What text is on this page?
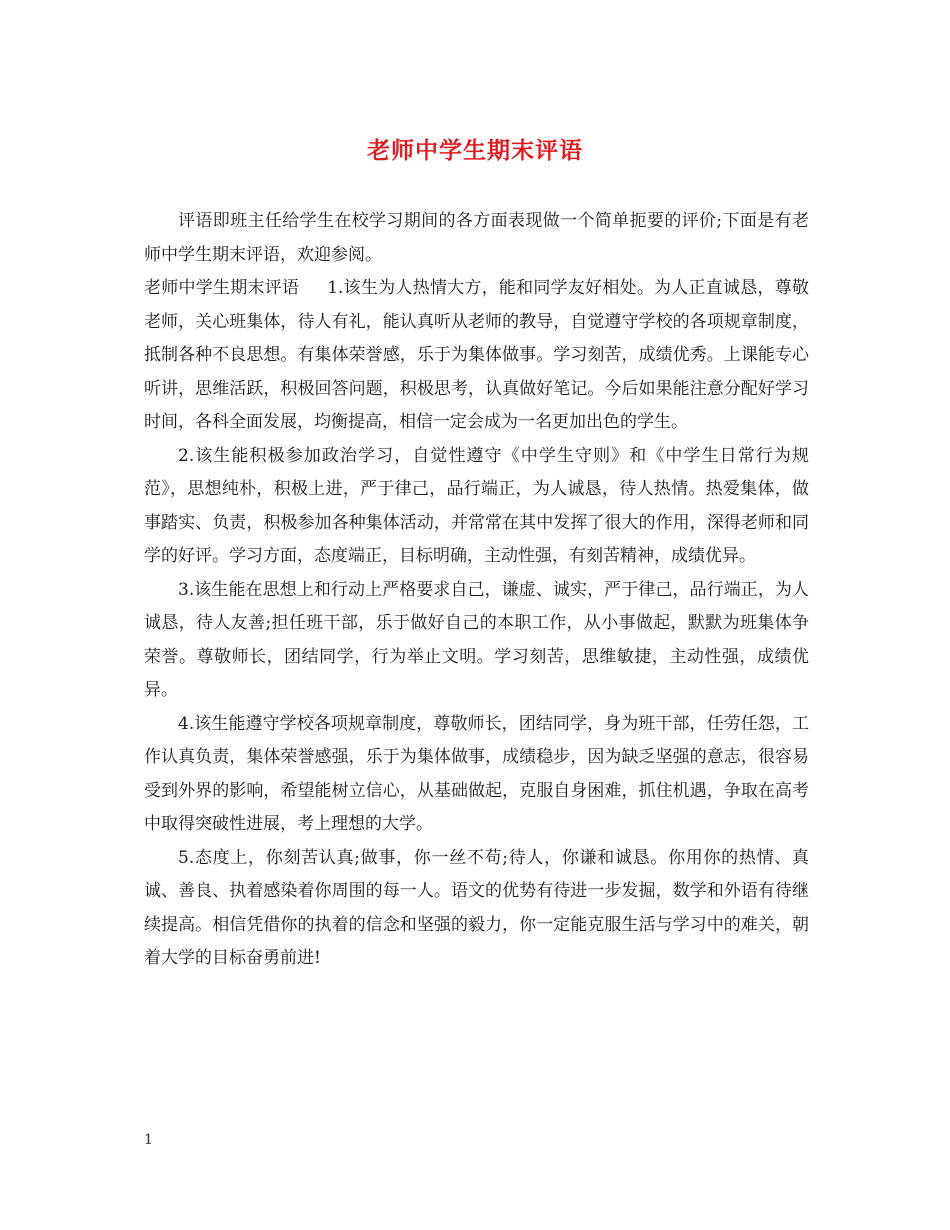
老师中学生期末评语

评语即班主任给学生在校学习期间的各方面表现做一个简单扼要的评价;下面是有老师中学生期末评语，欢迎参阅。

老师中学生期末评语 1.该生为人热情大方，能和同学友好相处。为人正直诚恳，尊敬老师，关心班集体，待人有礼，能认真听从老师的教导，自觉遵守学校的各项规章制度，抵制各种不良思想。有集体荣誉感，乐于为集体做事。学习刻苦，成绩优秀。上课能专心听讲，思维活跃，积极回答问题，积极思考，认真做好笔记。今后如果能注意分配好学习时间，各科全面发展，均衡提高，相信一定会成为一名更加出色的学生。

2.该生能积极参加政治学习，自觉性遵守《中学生守则》和《中学生日常行为规范》，思想纯朴，积极上进，严于律己，品行端正，为人诚恳，待人热情。热爱集体，做事踏实、负责，积极参加各种集体活动，并常常在其中发挥了很大的作用，深得老师和同学的好评。学习方面，态度端正，目标明确，主动性强，有刻苦精神，成绩优异。

3.该生能在思想上和行动上严格要求自己，谦虚、诚实，严于律己，品行端正，为人诚恳，待人友善;担任班干部，乐于做好自己的本职工作，从小事做起，默默为班集体争荣誉。尊敬师长，团结同学，行为举止文明。学习刻苦，思维敏捷，主动性强，成绩优异。

4.该生能遵守学校各项规章制度，尊敬师长，团结同学，身为班干部，任劳任怨，工作认真负责，集体荣誉感强，乐于为集体做事，成绩稳步，因为缺乏坚强的意志，很容易受到外界的影响，希望能树立信心，从基础做起，克服自身困难，抓住机遇，争取在高考中取得突破性进展，考上理想的大学。

5.态度上，你刻苦认真;做事，你一丝不苟;待人，你谦和诚恳。你用你的热情、真诚、善良、执着感染着你周围的每一人。语文的优势有待进一步发掘，数学和外语有待继续提高。相信凭借你的执着的信念和坚强的毅力，你一定能克服生活与学习中的难关，朝着大学的目标奋勇前进!

1
